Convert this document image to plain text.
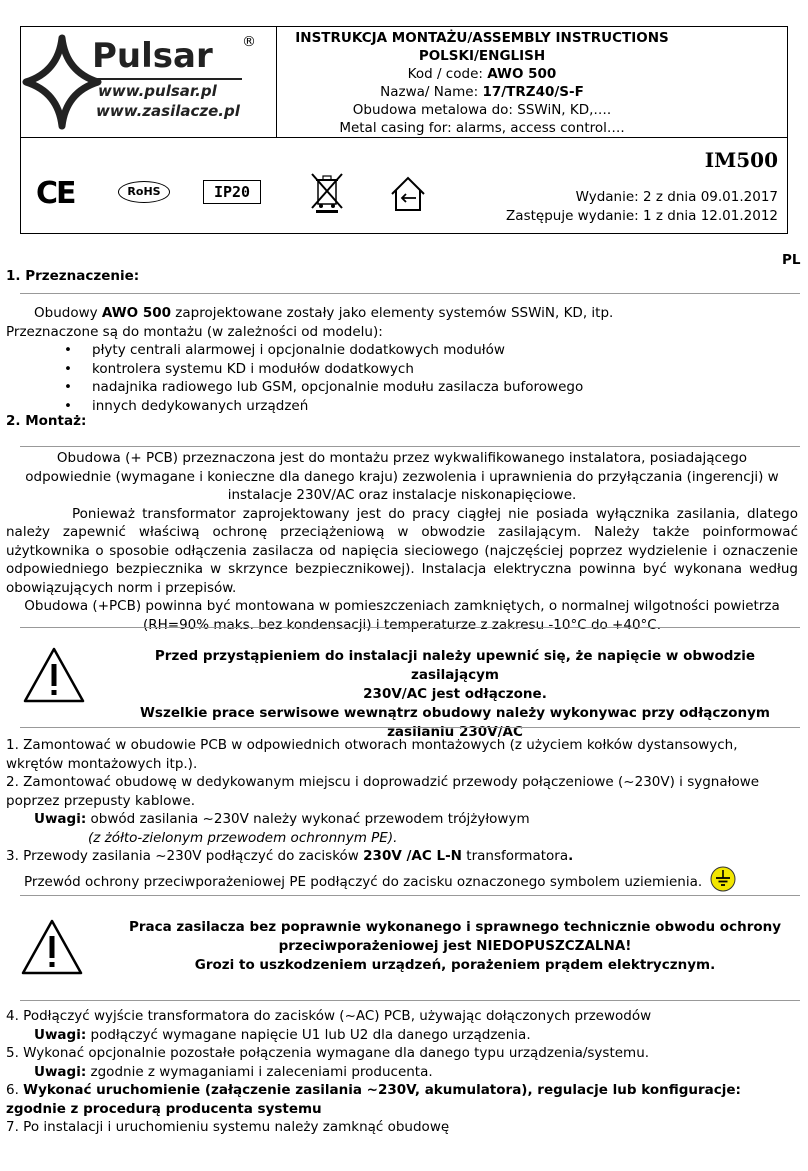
Pulsar ®
www.pulsar.pl
www.zasilacze.pl
INSTRUKCJA MONTAŻU/ASSEMBLY INSTRUCTIONS
POLSKI/ENGLISH
Kod / code: AWO 500
Nazwa/ Name: 17/TRZ40/S-F
Obudowa metalowa do: SSWiN, KD,….
Metal casing for: alarms, access control….
CE	RoHS	IP20
IM500
Wydanie: 2 z dnia 09.01.2017
Zastępuje wydanie: 1 z dnia 12.01.2012
PL
1. Przeznaczenie:

Obudowy AWO 500 zaprojektowane zostały jako elementy systemów SSWiN, KD, itp.

Przeznaczone są do montażu (w zależności od modelu):

• płyty centrali alarmowej i opcjonalnie dodatkowych modułów
• kontrolera systemu KD i modułów dodatkowych
• nadajnika radiowego lub GSM, opcjonalnie modułu zasilacza buforowego
• innych dedykowanych urządzeń
2. Montaż:

Obudowa (+ PCB) przeznaczona jest do montażu przez wykwalifikowanego instalatora, posiadającego odpowiednie (wymagane i konieczne dla danego kraju) zezwolenia i uprawnienia do przyłączania (ingerencji) w instalacje 230V/AC oraz instalacje niskonapięciowe.

Ponieważ transformator zaprojektowany jest do pracy ciągłej nie posiada wyłącznika zasilania, dlatego należy zapewnić właściwą ochronę przeciążeniową w obwodzie zasilającym. Należy także poinformować użytkownika o sposobie odłączenia zasilacza od napięcia sieciowego (najczęściej poprzez wydzielenie i oznaczenie odpowiedniego bezpiecznika w skrzynce bezpiecznikowej). Instalacja elektryczna powinna być wykonana według obowiązujących norm i przepisów.

Obudowa (+PCB) powinna być montowana w pomieszczeniach zamkniętych, o normalnej wilgotności powietrza (RH=90% maks. bez kondensacji) i temperaturze z zakresu -10°C do +40°C.

Przed przystąpieniem do instalacji należy upewnić się, że napięcie w obwodzie zasilającym
230V/AC jest odłączone.
Wszelkie prace serwisowe wewnątrz obudowy należy wykonywac przy odłączonym
zasilaniu 230V/AC

1. Zamontować w obudowie PCB w odpowiednich otworach montażowych (z użyciem kołków dystansowych, wkrętów montażowych itp.).

2. Zamontować obudowę w dedykowanym miejscu i doprowadzić przewody połączeniowe (~230V) i sygnałowe poprzez przepusty kablowe.

Uwagi: obwód zasilania ~230V należy wykonać przewodem trójżyłowym

(z żółto-zielonym przewodem ochronnym PE).

3. Przewody zasilania ~230V podłączyć do zacisków 230V /AC L-N transformatora.

Przewód ochrony przeciwporażeniowej PE podłączyć do zacisku oznaczonego symbolem uziemienia.

Praca zasilacza bez poprawnie wykonanego i sprawnego technicznie obwodu ochrony
przeciwporażeniowej jest NIEDOPUSZCZALNA!
Grozi to uszkodzeniem urządzeń, porażeniem prądem elektrycznym.

4. Podłączyć wyjście transformatora do zacisków (~AC) PCB, używając dołączonych przewodów

Uwagi: podłączyć wymagane napięcie U1 lub U2 dla danego urządzenia.

5. Wykonać opcjonalnie pozostałe połączenia wymagane dla danego typu urządzenia/systemu.

Uwagi: zgodnie z wymaganiami i zaleceniami producenta.

6. Wykonać uruchomienie (załączenie zasilania ~230V, akumulatora), regulacje lub konfiguracje: zgodnie z procedurą producenta systemu

7. Po instalacji i uruchomieniu systemu należy zamknąć obudowę
